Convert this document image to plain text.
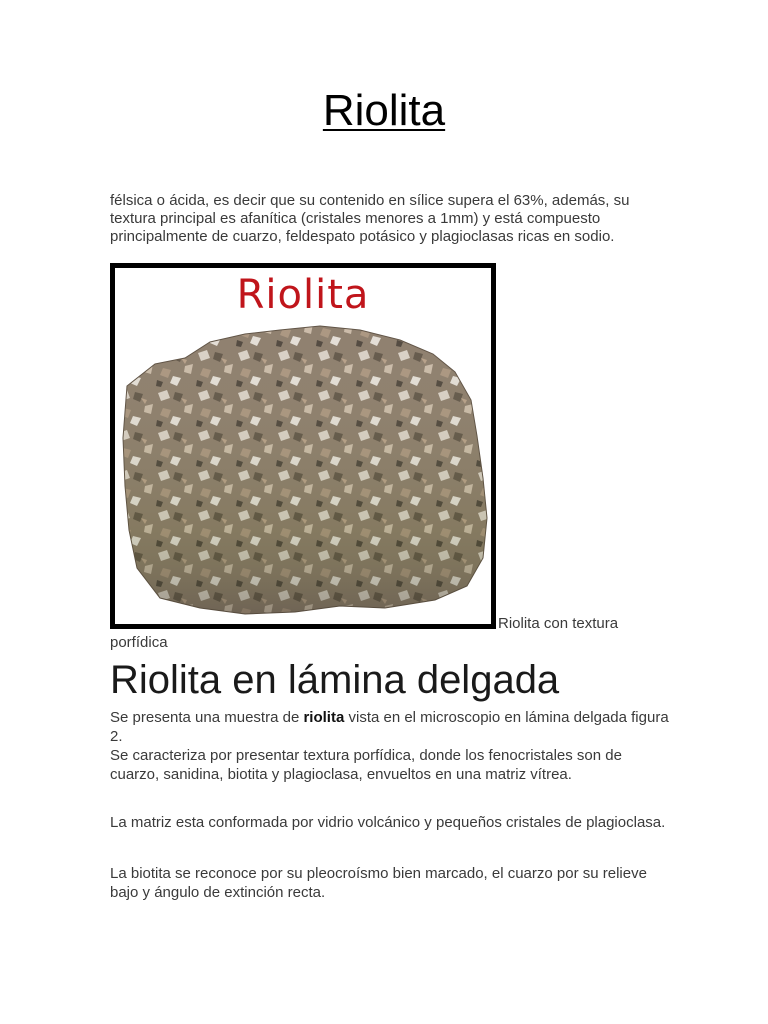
Riolita

félsica o ácida, es decir que su contenido en sílice supera el 63%, además, su textura principal es afanítica (cristales menores a 1mm) y está compuesto principalmente de cuarzo, feldespato potásico y plagioclasas ricas en sodio.

Riolita

Riolita con textura porfídica

Riolita en lámina delgada

Se presenta una muestra de riolita vista en el microscopio en lámina delgada figura 2.
Se caracteriza por presentar textura porfídica, donde los fenocristales son de cuarzo, sanidina, biotita y plagioclasa, envueltos en una matriz vítrea.

La matriz esta conformada por vidrio volcánico y pequeños cristales de plagioclasa.

La biotita se reconoce por su pleocroísmo bien marcado, el cuarzo por su relieve bajo y ángulo de extinción recta.
